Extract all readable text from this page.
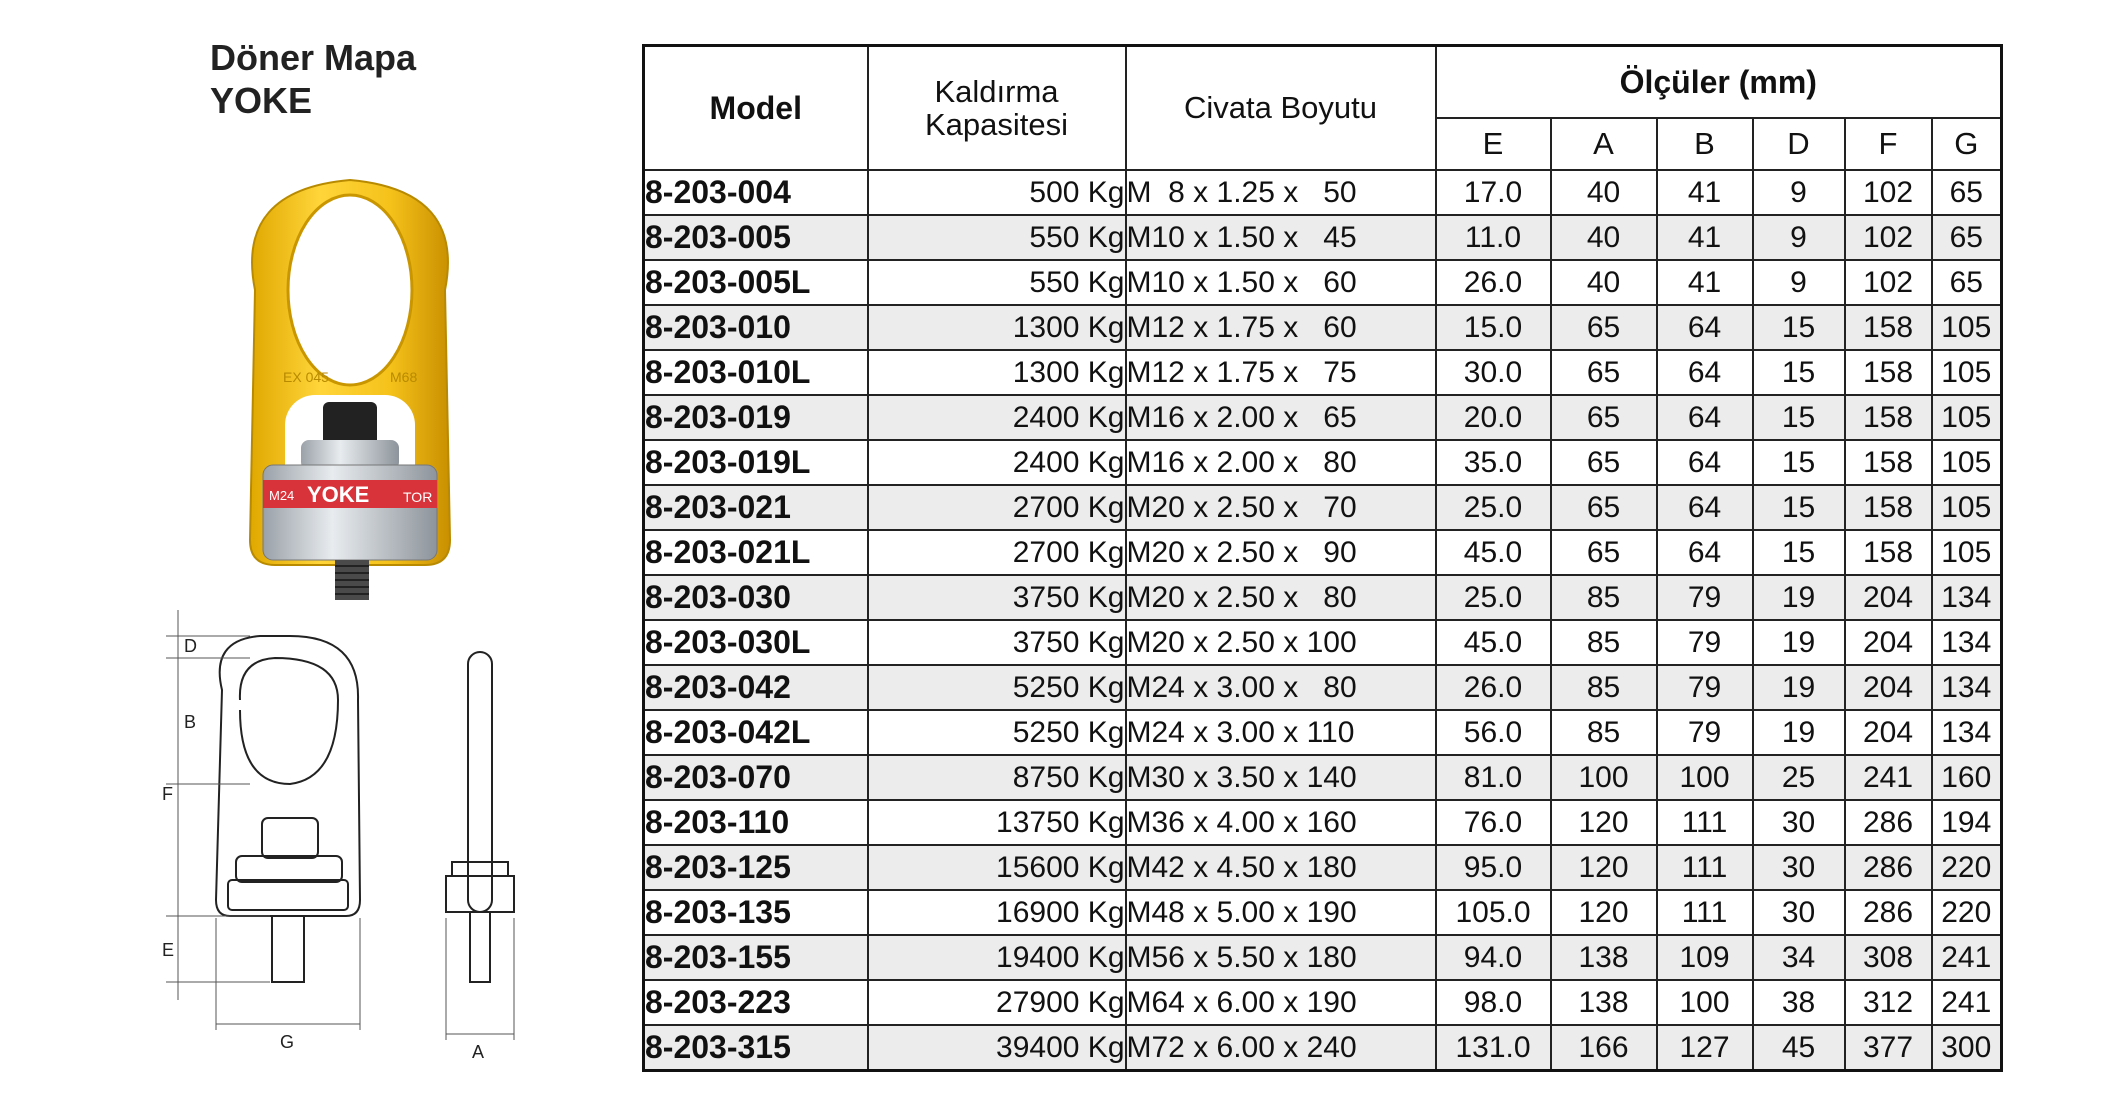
Döner Mapa
YOKE
EX 045	M68
M24 YOKE TOR
D
B
F
E
G	A
Model	Kaldırma
Kapasitesi	Civata Boyutu	Ölçüler (mm)					
			E	A	B	D	F	G
8-203-004	500 Kg	M  8 x 1.25 x   50	17.0	40	41	9	102	65
8-203-005	550 Kg	M10 x 1.50 x   45	11.0	40	41	9	102	65
8-203-005L	550 Kg	M10 x 1.50 x   60	26.0	40	41	9	102	65
8-203-010	1300 Kg	M12 x 1.75 x   60	15.0	65	64	15	158	105
8-203-010L	1300 Kg	M12 x 1.75 x   75	30.0	65	64	15	158	105
8-203-019	2400 Kg	M16 x 2.00 x   65	20.0	65	64	15	158	105
8-203-019L	2400 Kg	M16 x 2.00 x   80	35.0	65	64	15	158	105
8-203-021	2700 Kg	M20 x 2.50 x   70	25.0	65	64	15	158	105
8-203-021L	2700 Kg	M20 x 2.50 x   90	45.0	65	64	15	158	105
8-203-030	3750 Kg	M20 x 2.50 x   80	25.0	85	79	19	204	134
8-203-030L	3750 Kg	M20 x 2.50 x 100	45.0	85	79	19	204	134
8-203-042	5250 Kg	M24 x 3.00 x   80	26.0	85	79	19	204	134
8-203-042L	5250 Kg	M24 x 3.00 x 110	56.0	85	79	19	204	134
8-203-070	8750 Kg	M30 x 3.50 x 140	81.0	100	100	25	241	160
8-203-110	13750 Kg	M36 x 4.00 x 160	76.0	120	111	30	286	194
8-203-125	15600 Kg	M42 x 4.50 x 180	95.0	120	111	30	286	220
8-203-135	16900 Kg	M48 x 5.00 x 190	105.0	120	111	30	286	220
8-203-155	19400 Kg	M56 x 5.50 x 180	94.0	138	109	34	308	241
8-203-223	27900 Kg	M64 x 6.00 x 190	98.0	138	100	38	312	241
8-203-315	39400 Kg	M72 x 6.00 x 240	131.0	166	127	45	377	300
